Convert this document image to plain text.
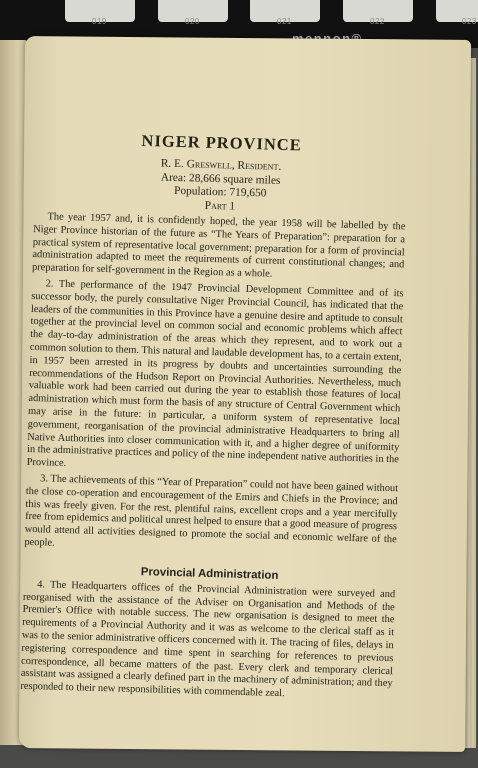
019	020	021	022	023
NIGER PROVINCE
R. E. Greswell, Resident.
Area: 28,666 square miles
Population: 719,650
Part 1

The year 1957 and, it is confidently hoped, the year 1958 will be labelled by the Niger Province historian of the future as “The Years of Preparation”: preparation for a practical system of representative local government; preparation for a form of provincial administration adapted to meet the requirements of current constitutional changes; and preparation for self-government in the Region as a whole.

2. The performance of the 1947 Provincial Development Committee and of its successor body, the purely consultative Niger Provincial Council, has indicated that the leaders of the communities in this Province have a genuine desire and aptitude to consult together at the provincial level on common social and economic problems which affect the day-to-day administration of the areas which they represent, and to work out a common solution to them. This natural and laudable development has, to a certain extent, in 1957 been arrested in its progress by doubts and uncertainties surrounding the recommendations of the Hudson Report on Provincial Authorities. Nevertheless, much valuable work had been carried out during the year to establish those features of local administration which must form the basis of any structure of Central Government which may arise in the future: in particular, a uniform system of representative local government, reorganisation of the provincial administrative Headquarters to bring all Native Authorities into closer communication with it, and a higher degree of uniformity in the administrative practices and policy of the nine independent native authorities in the Province.

3. The achievements of this “Year of Preparation” could not have been gained without the close co-operation and encouragement of the Emirs and Chiefs in the Province; and this was freely given. For the rest, plentiful rains, excellent crops and a year mercifully free from epidemics and political unrest helped to ensure that a good measure of progress would attend all activities designed to promote the social and economic welfare of the people.

Provincial Administration

4. The Headquarters offices of the Provincial Administration were surveyed and reorganised with the assistance of the Adviser on Organisation and Methods of the Premier's Office with notable success. The new organisation is designed to meet the requirements of a Provincial Authority and it was as welcome to the clerical staff as it was to the senior administrative officers concerned with it. The tracing of files, delays in registering correspondence and time spent in searching for references to previous correspondence, all became matters of the past. Every clerk and temporary clerical assistant was assigned a clearly defined part in the machinery of administration; and they responded to their new responsibilities with commendable zeal.
